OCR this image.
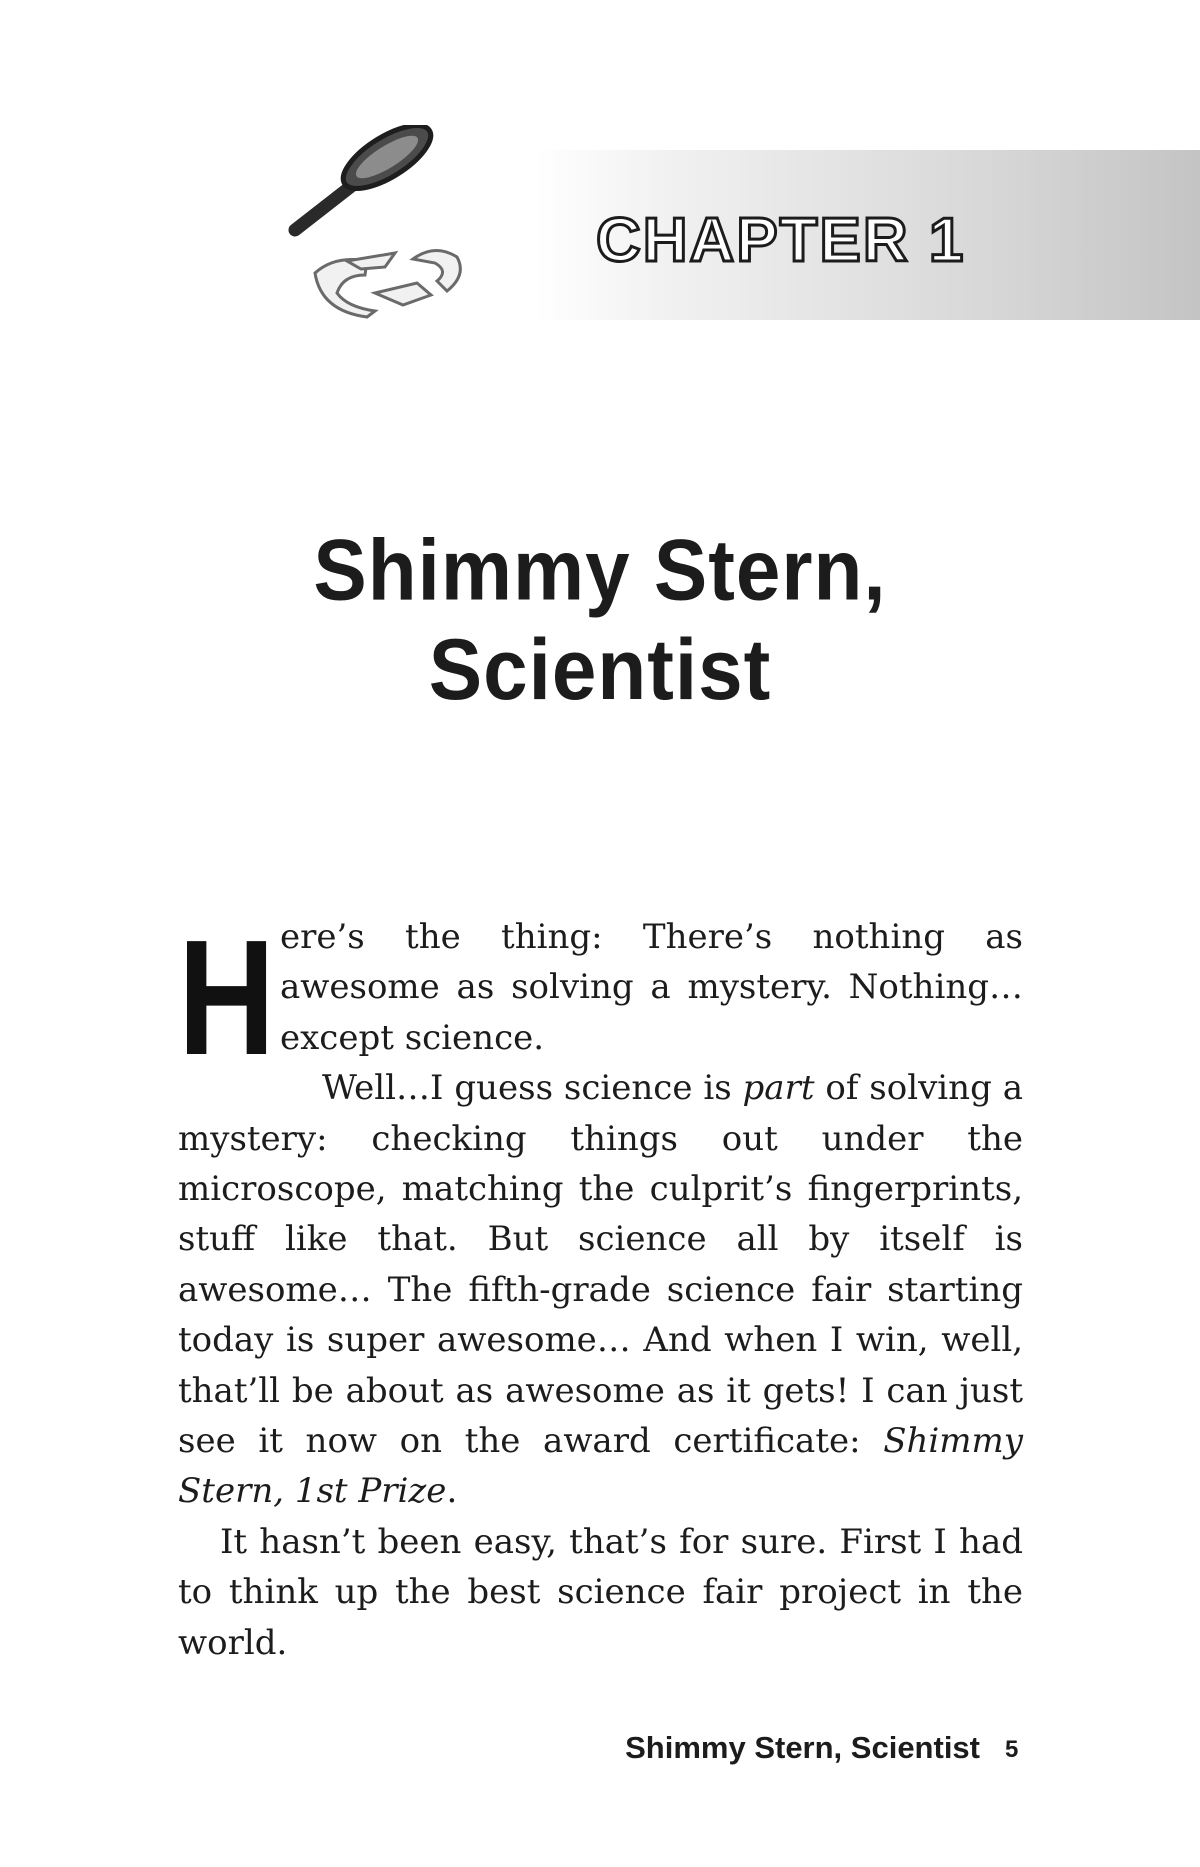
CHAPTER 1
Shimmy Stern,
Scientist

Here’s the thing: There’s nothing as awesome as solving a mystery. Nothing…except science.

Well…I guess science is part of solving a mystery: checking things out under the microscope, matching the culprit’s fingerprints, stuff like that. But science all by itself is awesome… The fifth-grade science fair starting today is super awesome… And when I win, well, that’ll be about as awesome as it gets! I can just see it now on the award certificate: Shimmy Stern, 1st Prize.

It hasn’t been easy, that’s for sure. First I had to think up the best science fair project in the world.

Shimmy Stern, Scientist 5
